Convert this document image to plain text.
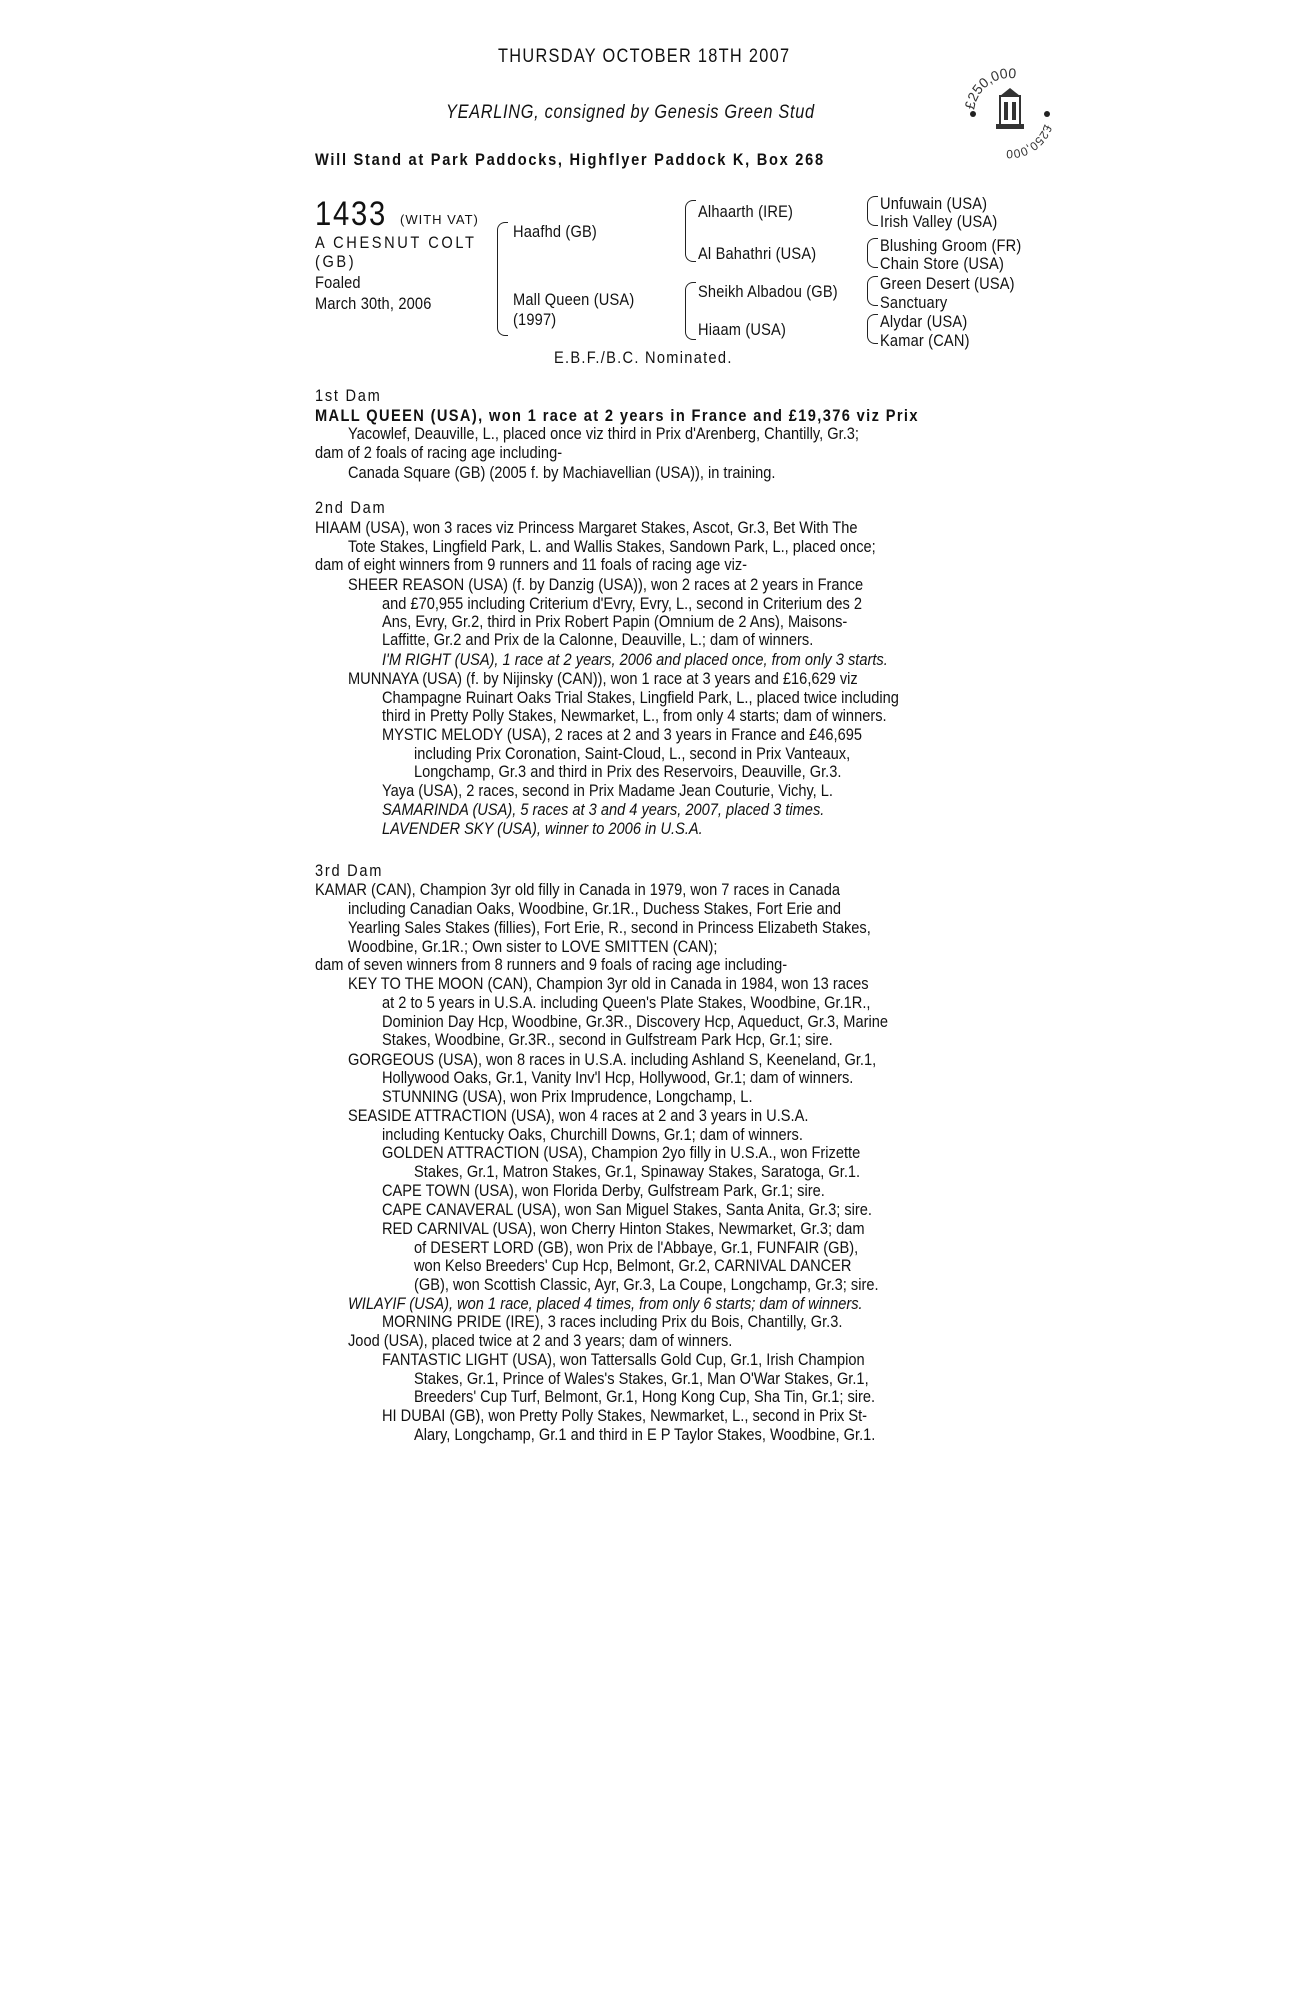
THURSDAY OCTOBER 18TH 2007
YEARLING, consigned by Genesis Green Stud
Will Stand at Park Paddocks, Highflyer Paddock K, Box 268
£250,000
£250,000
1433 (WITH VAT)
A CHESNUT COLT
(GB)
Foaled
March 30th, 2006
Haafhd (GB)
Mall Queen (USA)
(1997)
Alhaarth (IRE)
Al Bahathri (USA)
Sheikh Albadou (GB)
Hiaam (USA)
Unfuwain (USA)
Irish Valley (USA)
Blushing Groom (FR)
Chain Store (USA)
Green Desert (USA)
Sanctuary
Alydar (USA)
Kamar (CAN)
E.B.F./B.C. Nominated.
1st Dam
MALL QUEEN (USA), won 1 race at 2 years in France and £19,376 viz Prix
Yacowlef, Deauville, L., placed once viz third in Prix d'Arenberg, Chantilly, Gr.3;
dam of 2 foals of racing age including-
Canada Square (GB) (2005 f. by Machiavellian (USA)), in training.
2nd Dam
HIAAM (USA), won 3 races viz Princess Margaret Stakes, Ascot, Gr.3, Bet With The
Tote Stakes, Lingfield Park, L. and Wallis Stakes, Sandown Park, L., placed once;
dam of eight winners from 9 runners and 11 foals of racing age viz-
SHEER REASON (USA) (f. by Danzig (USA)), won 2 races at 2 years in France
and £70,955 including Criterium d'Evry, Evry, L., second in Criterium des 2
Ans, Evry, Gr.2, third in Prix Robert Papin (Omnium de 2 Ans), Maisons-
Laffitte, Gr.2 and Prix de la Calonne, Deauville, L.; dam of winners.
I'M RIGHT (USA), 1 race at 2 years, 2006 and placed once, from only 3 starts.
MUNNAYA (USA) (f. by Nijinsky (CAN)), won 1 race at 3 years and £16,629 viz
Champagne Ruinart Oaks Trial Stakes, Lingfield Park, L., placed twice including
third in Pretty Polly Stakes, Newmarket, L., from only 4 starts; dam of winners.
MYSTIC MELODY (USA), 2 races at 2 and 3 years in France and £46,695
including Prix Coronation, Saint-Cloud, L., second in Prix Vanteaux,
Longchamp, Gr.3 and third in Prix des Reservoirs, Deauville, Gr.3.
Yaya (USA), 2 races, second in Prix Madame Jean Couturie, Vichy, L.
SAMARINDA (USA), 5 races at 3 and 4 years, 2007, placed 3 times.
LAVENDER SKY (USA), winner to 2006 in U.S.A.
3rd Dam
KAMAR (CAN), Champion 3yr old filly in Canada in 1979, won 7 races in Canada
including Canadian Oaks, Woodbine, Gr.1R., Duchess Stakes, Fort Erie and
Yearling Sales Stakes (fillies), Fort Erie, R., second in Princess Elizabeth Stakes,
Woodbine, Gr.1R.; Own sister to LOVE SMITTEN (CAN);
dam of seven winners from 8 runners and 9 foals of racing age including-
KEY TO THE MOON (CAN), Champion 3yr old in Canada in 1984, won 13 races
at 2 to 5 years in U.S.A. including Queen's Plate Stakes, Woodbine, Gr.1R.,
Dominion Day Hcp, Woodbine, Gr.3R., Discovery Hcp, Aqueduct, Gr.3, Marine
Stakes, Woodbine, Gr.3R., second in Gulfstream Park Hcp, Gr.1; sire.
GORGEOUS (USA), won 8 races in U.S.A. including Ashland S, Keeneland, Gr.1,
Hollywood Oaks, Gr.1, Vanity Inv'l Hcp, Hollywood, Gr.1; dam of winners.
STUNNING (USA), won Prix Imprudence, Longchamp, L.
SEASIDE ATTRACTION (USA), won 4 races at 2 and 3 years in U.S.A.
including Kentucky Oaks, Churchill Downs, Gr.1; dam of winners.
GOLDEN ATTRACTION (USA), Champion 2yo filly in U.S.A., won Frizette
Stakes, Gr.1, Matron Stakes, Gr.1, Spinaway Stakes, Saratoga, Gr.1.
CAPE TOWN (USA), won Florida Derby, Gulfstream Park, Gr.1; sire.
CAPE CANAVERAL (USA), won San Miguel Stakes, Santa Anita, Gr.3; sire.
RED CARNIVAL (USA), won Cherry Hinton Stakes, Newmarket, Gr.3; dam
of DESERT LORD (GB), won Prix de l'Abbaye, Gr.1, FUNFAIR (GB),
won Kelso Breeders' Cup Hcp, Belmont, Gr.2, CARNIVAL DANCER
(GB), won Scottish Classic, Ayr, Gr.3, La Coupe, Longchamp, Gr.3; sire.
WILAYIF (USA), won 1 race, placed 4 times, from only 6 starts; dam of winners.
MORNING PRIDE (IRE), 3 races including Prix du Bois, Chantilly, Gr.3.
Jood (USA), placed twice at 2 and 3 years; dam of winners.
FANTASTIC LIGHT (USA), won Tattersalls Gold Cup, Gr.1, Irish Champion
Stakes, Gr.1, Prince of Wales's Stakes, Gr.1, Man O'War Stakes, Gr.1,
Breeders' Cup Turf, Belmont, Gr.1, Hong Kong Cup, Sha Tin, Gr.1; sire.
HI DUBAI (GB), won Pretty Polly Stakes, Newmarket, L., second in Prix St-
Alary, Longchamp, Gr.1 and third in E P Taylor Stakes, Woodbine, Gr.1.
